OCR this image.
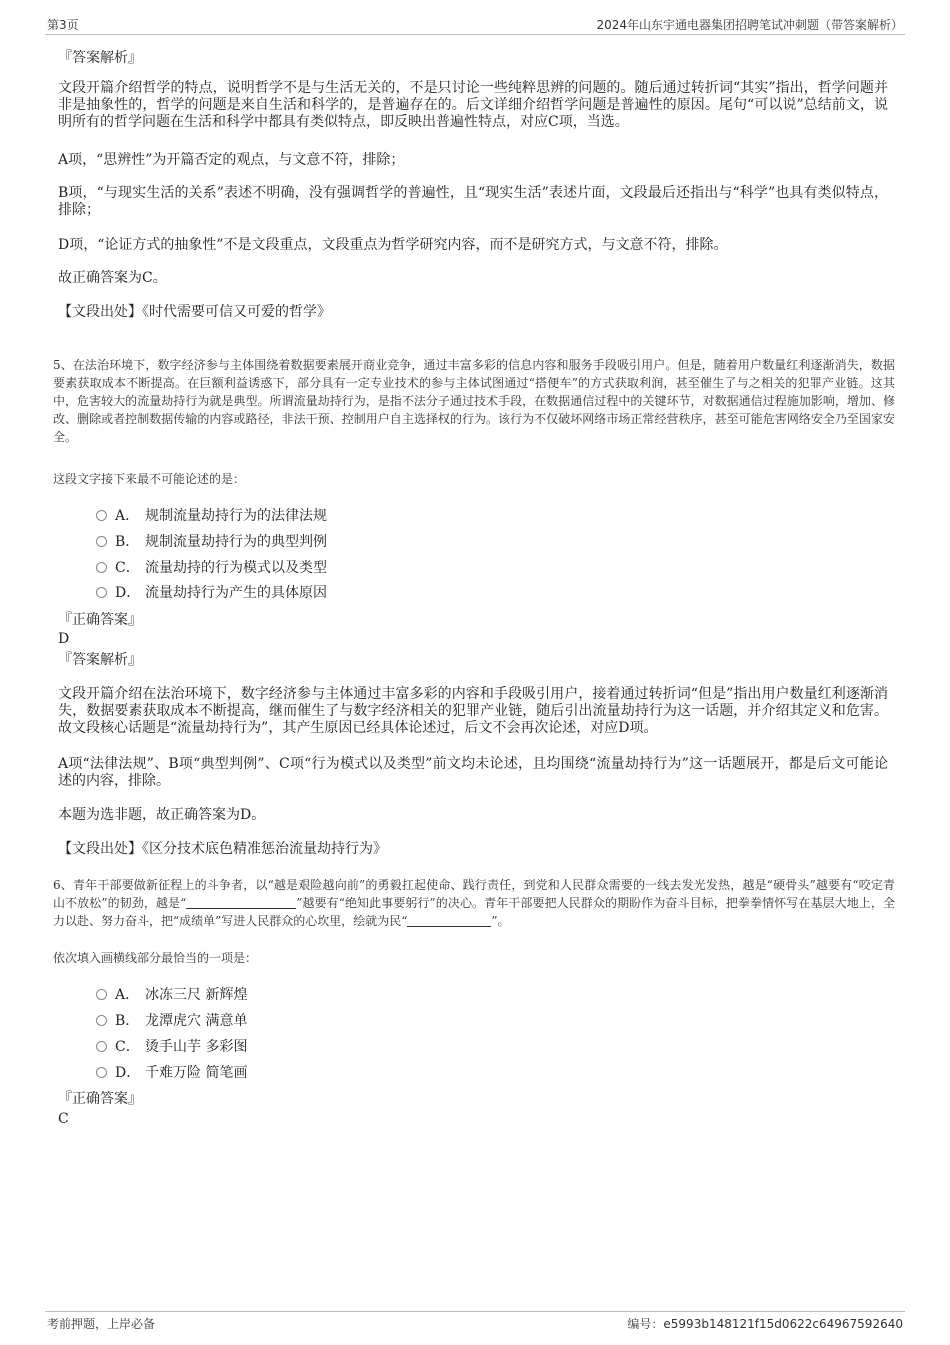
第3页	2024年山东宇通电器集团招聘笔试冲刺题（带答案解析）
『答案解析』
文段开篇介绍哲学的特点，说明哲学不是与生活无关的，不是只讨论一些纯粹思辨的问题的。随后通过转折词“其实”指出，哲学问题并非是抽象性的，哲学的问题是来自生活和科学的，是普遍存在的。后文详细介绍哲学问题是普遍性的原因。尾句“可以说”总结前文，说明所有的哲学问题在生活和科学中都具有类似特点，即反映出普遍性特点，对应C项，当选。
A项，“思辨性”为开篇否定的观点，与文意不符，排除；
B项，“与现实生活的关系”表述不明确，没有强调哲学的普遍性，且“现实生活”表述片面，文段最后还指出与“科学”也具有类似特点，排除；
D项，“论证方式的抽象性”不是文段重点，文段重点为哲学研究内容，而不是研究方式，与文意不符，排除。
故正确答案为C。
【文段出处】《时代需要可信又可爱的哲学》
5、在法治环境下，数字经济参与主体围绕着数据要素展开商业竞争，通过丰富多彩的信息内容和服务手段吸引用户。但是，随着用户数量红利逐渐消失，数据要素获取成本不断提高。在巨额利益诱惑下，部分具有一定专业技术的参与主体试图通过“搭便车”的方式获取利润，甚至催生了与之相关的犯罪产业链。这其中，危害较大的流量劫持行为就是典型。所谓流量劫持行为，是指不法分子通过技术手段，在数据通信过程中的关键环节，对数据通信过程施加影响，增加、修改、删除或者控制数据传输的内容或路径，非法干预、控制用户自主选择权的行为。该行为不仅破坏网络市场正常经营秩序，甚至可能危害网络安全乃至国家安全。
这段文字接下来最不可能论述的是：
A． 规制流量劫持行为的法律法规
B． 规制流量劫持行为的典型判例
C． 流量劫持的行为模式以及类型
D． 流量劫持行为产生的具体原因
『正确答案』
D
『答案解析』
文段开篇介绍在法治环境下，数字经济参与主体通过丰富多彩的内容和手段吸引用户，接着通过转折词“但是”指出用户数量红利逐渐消失，数据要素获取成本不断提高，继而催生了与数字经济相关的犯罪产业链，随后引出流量劫持行为这一话题，并介绍其定义和危害。故文段核心话题是“流量劫持行为”，其产生原因已经具体论述过，后文不会再次论述，对应D项。
A项“法律法规”、B项“典型判例”、C项“行为模式以及类型”前文均未论述，且均围绕“流量劫持行为”这一话题展开，都是后文可能论述的内容，排除。
本题为选非题，故正确答案为D。
【文段出处】《区分技术底色精准惩治流量劫持行为》
6、青年干部要做新征程上的斗争者，以“越是艰险越向前”的勇毅扛起使命、践行责任，到党和人民群众需要的一线去发光发热，越是“硬骨头”越要有“咬定青山不放松”的韧劲，越是“	”越要有“绝知此事要躬行”的决心。青年干部要把人民群众的期盼作为奋斗目标，把拳拳情怀写在基层大地上，全力以赴、努力奋斗，把“成绩单”写进人民群众的心坎里，绘就为民“	”。
依次填入画横线部分最恰当的一项是：
A． 冰冻三尺 新辉煌
B． 龙潭虎穴 满意单
C． 烫手山芋 多彩图
D． 千难万险 简笔画
『正确答案』
C
考前押题，上岸必备	编号：e5993b148121f15d0622c64967592640
